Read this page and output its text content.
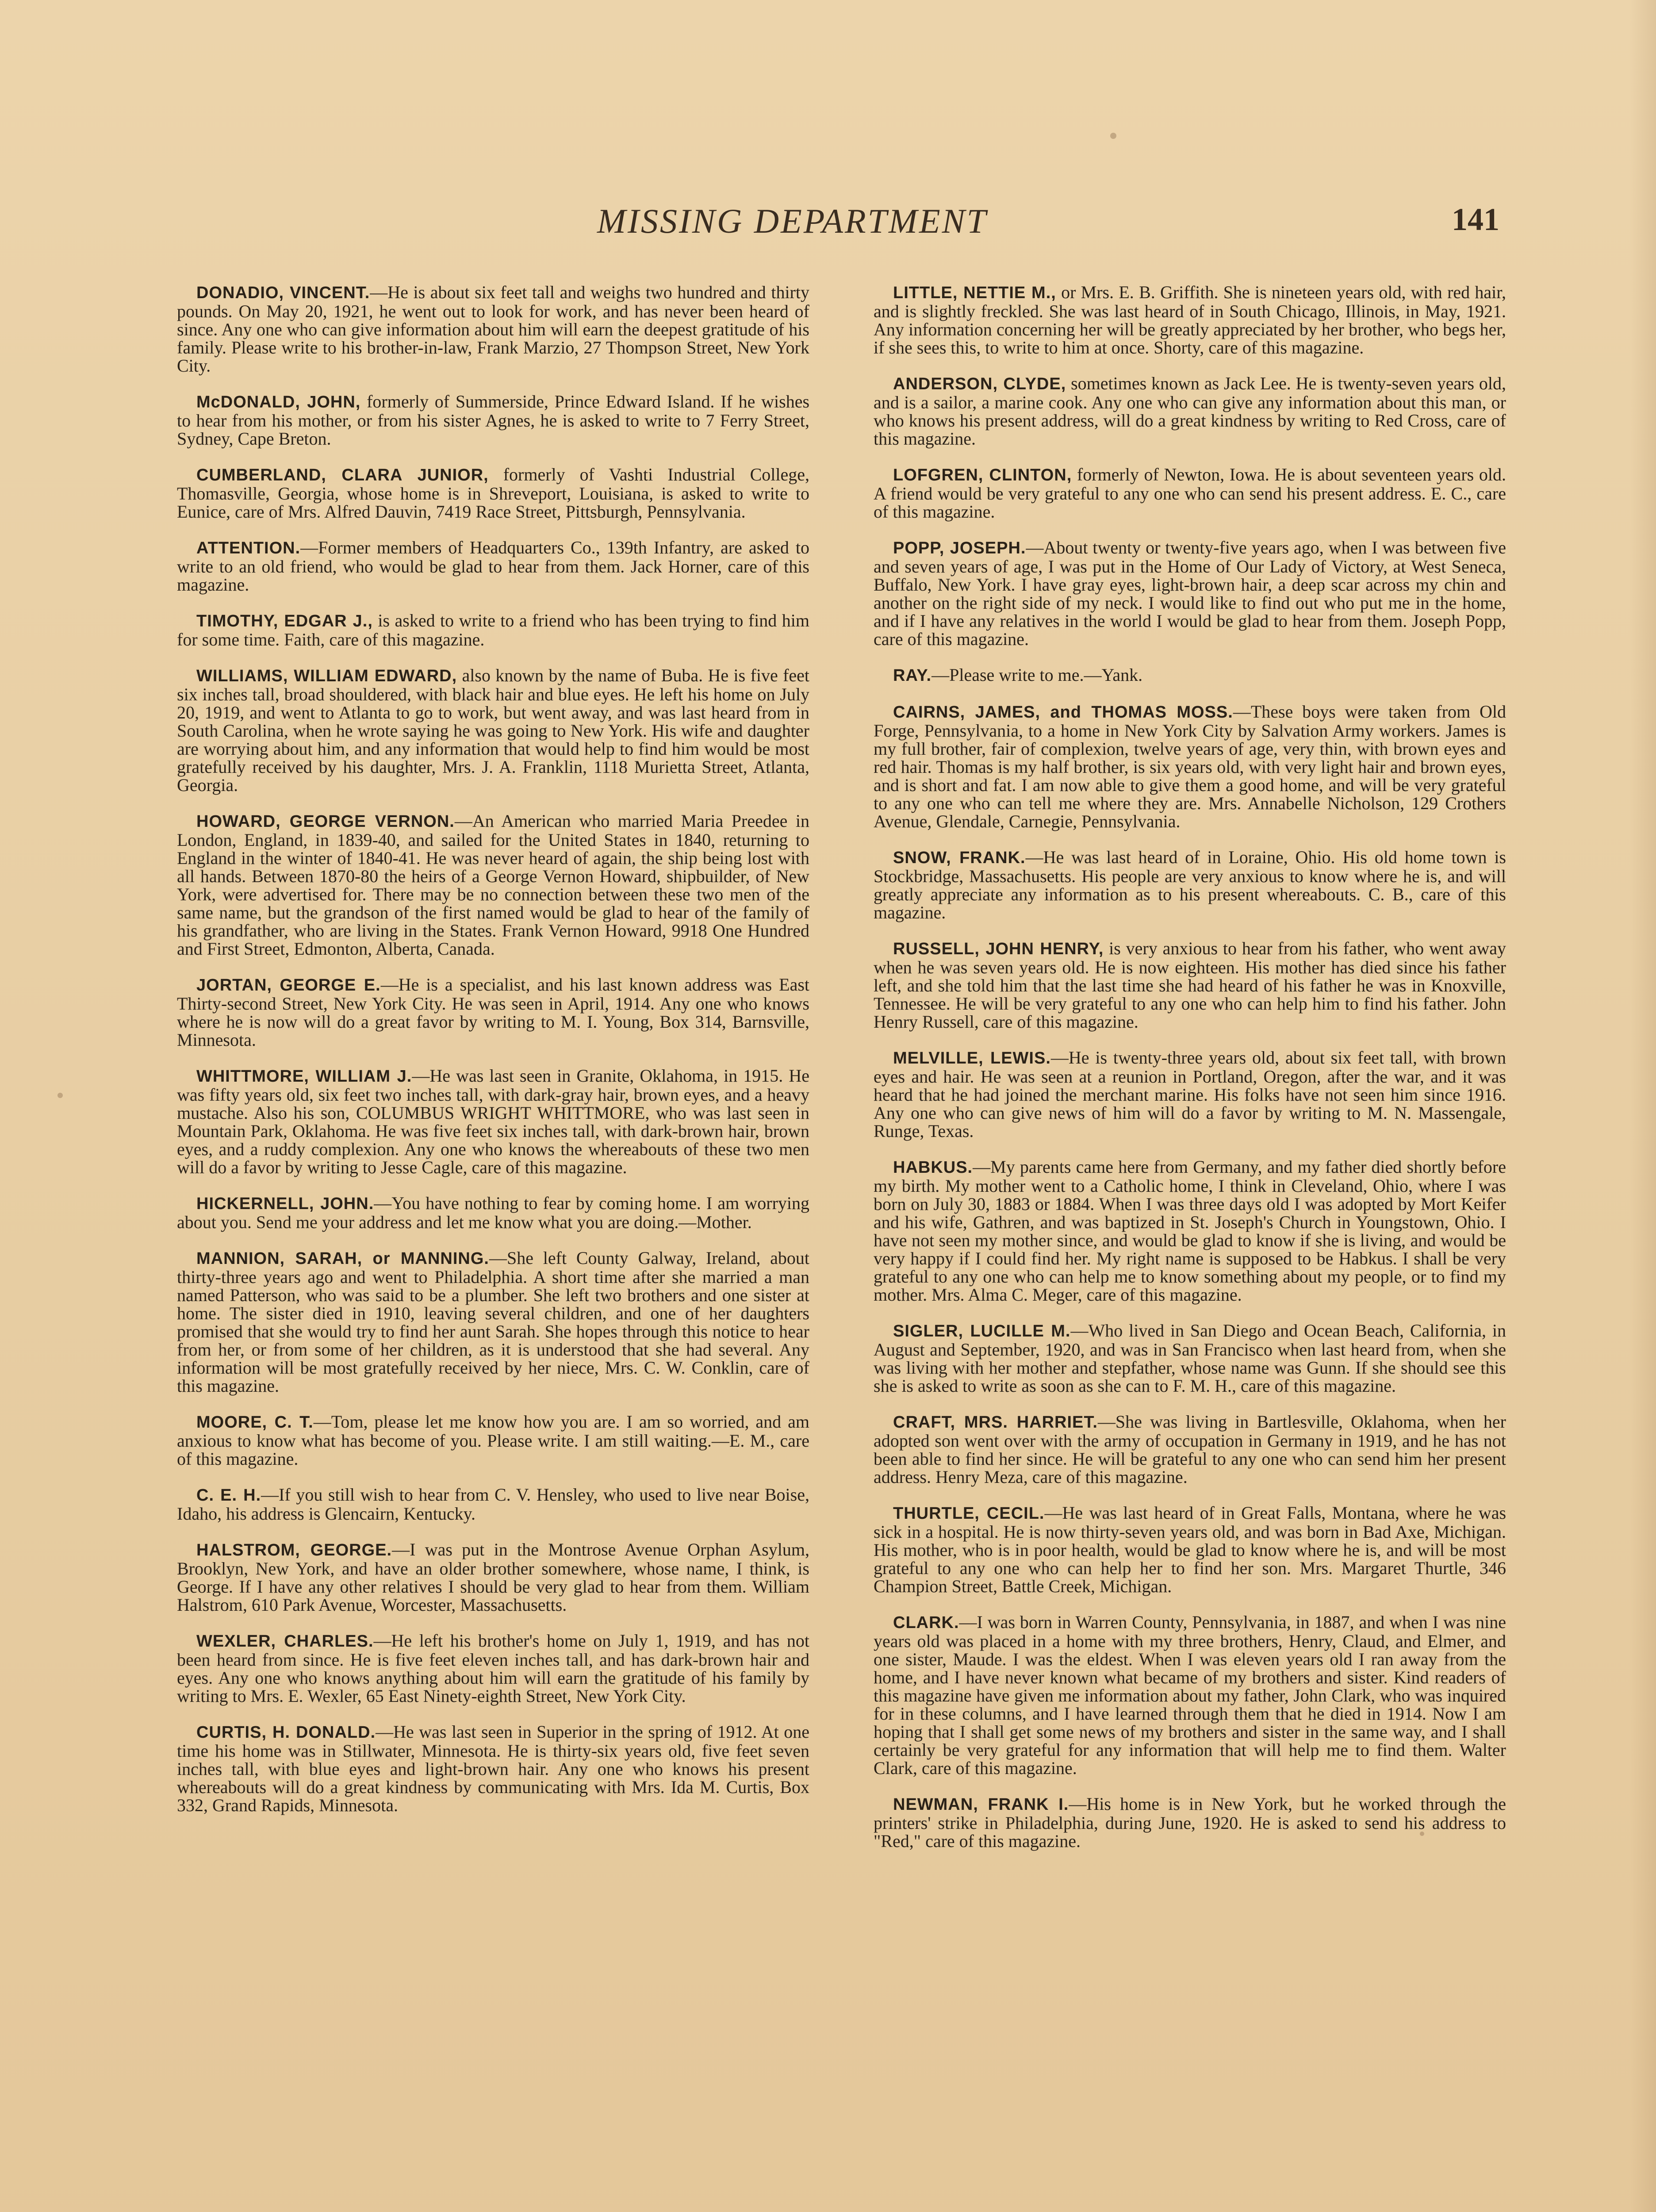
MISSING DEPARTMENT	141

DONADIO, VINCENT.—He is about six feet tall and weighs two hundred and thirty pounds. On May 20, 1921, he went out to look for work, and has never been heard of since. Any one who can give information about him will earn the deepest gratitude of his family. Please write to his brother-in-law, Frank Marzio, 27 Thompson Street, New York City.

McDONALD, JOHN, formerly of Summerside, Prince Edward Island. If he wishes to hear from his mother, or from his sister Agnes, he is asked to write to 7 Ferry Street, Sydney, Cape Breton.

CUMBERLAND, CLARA JUNIOR, formerly of Vashti Industrial College, Thomasville, Georgia, whose home is in Shreveport, Louisiana, is asked to write to Eunice, care of Mrs. Alfred Dauvin, 7419 Race Street, Pittsburgh, Pennsylvania.

ATTENTION.—Former members of Headquarters Co., 139th Infantry, are asked to write to an old friend, who would be glad to hear from them. Jack Horner, care of this magazine.

TIMOTHY, EDGAR J., is asked to write to a friend who has been trying to find him for some time. Faith, care of this magazine.

WILLIAMS, WILLIAM EDWARD, also known by the name of Buba. He is five feet six inches tall, broad shouldered, with black hair and blue eyes. He left his home on July 20, 1919, and went to Atlanta to go to work, but went away, and was last heard from in South Carolina, when he wrote saying he was going to New York. His wife and daughter are worrying about him, and any information that would help to find him would be most gratefully received by his daughter, Mrs. J. A. Franklin, 1118 Murietta Street, Atlanta, Georgia.

HOWARD, GEORGE VERNON.—An American who married Maria Preedee in London, England, in 1839-40, and sailed for the United States in 1840, returning to England in the winter of 1840-41. He was never heard of again, the ship being lost with all hands. Between 1870-80 the heirs of a George Vernon Howard, shipbuilder, of New York, were advertised for. There may be no connection between these two men of the same name, but the grandson of the first named would be glad to hear of the family of his grandfather, who are living in the States. Frank Vernon Howard, 9918 One Hundred and First Street, Edmonton, Alberta, Canada.

JORTAN, GEORGE E.—He is a specialist, and his last known address was East Thirty-second Street, New York City. He was seen in April, 1914. Any one who knows where he is now will do a great favor by writing to M. I. Young, Box 314, Barnsville, Minnesota.

WHITTMORE, WILLIAM J.—He was last seen in Granite, Oklahoma, in 1915. He was fifty years old, six feet two inches tall, with dark-gray hair, brown eyes, and a heavy mustache. Also his son, COLUMBUS WRIGHT WHITTMORE, who was last seen in Mountain Park, Oklahoma. He was five feet six inches tall, with dark-brown hair, brown eyes, and a ruddy complexion. Any one who knows the whereabouts of these two men will do a favor by writing to Jesse Cagle, care of this magazine.

HICKERNELL, JOHN.—You have nothing to fear by coming home. I am worrying about you. Send me your address and let me know what you are doing.—Mother.

MANNION, SARAH, or MANNING.—She left County Galway, Ireland, about thirty-three years ago and went to Philadelphia. A short time after she married a man named Patterson, who was said to be a plumber. She left two brothers and one sister at home. The sister died in 1910, leaving several children, and one of her daughters promised that she would try to find her aunt Sarah. She hopes through this notice to hear from her, or from some of her children, as it is understood that she had several. Any information will be most gratefully received by her niece, Mrs. C. W. Conklin, care of this magazine.

MOORE, C. T.—Tom, please let me know how you are. I am so worried, and am anxious to know what has become of you. Please write. I am still waiting.—E. M., care of this magazine.

C. E. H.—If you still wish to hear from C. V. Hensley, who used to live near Boise, Idaho, his address is Glencairn, Kentucky.

HALSTROM, GEORGE.—I was put in the Montrose Avenue Orphan Asylum, Brooklyn, New York, and have an older brother somewhere, whose name, I think, is George. If I have any other relatives I should be very glad to hear from them. William Halstrom, 610 Park Avenue, Worcester, Massachusetts.

WEXLER, CHARLES.—He left his brother's home on July 1, 1919, and has not been heard from since. He is five feet eleven inches tall, and has dark-brown hair and eyes. Any one who knows anything about him will earn the gratitude of his family by writing to Mrs. E. Wexler, 65 East Ninety-eighth Street, New York City.

CURTIS, H. DONALD.—He was last seen in Superior in the spring of 1912. At one time his home was in Stillwater, Minnesota. He is thirty-six years old, five feet seven inches tall, with blue eyes and light-brown hair. Any one who knows his present whereabouts will do a great kindness by communicating with Mrs. Ida M. Curtis, Box 332, Grand Rapids, Minnesota.

LITTLE, NETTIE M., or Mrs. E. B. Griffith. She is nineteen years old, with red hair, and is slightly freckled. She was last heard of in South Chicago, Illinois, in May, 1921. Any information concerning her will be greatly appreciated by her brother, who begs her, if she sees this, to write to him at once. Shorty, care of this magazine.

ANDERSON, CLYDE, sometimes known as Jack Lee. He is twenty-seven years old, and is a sailor, a marine cook. Any one who can give any information about this man, or who knows his present address, will do a great kindness by writing to Red Cross, care of this magazine.

LOFGREN, CLINTON, formerly of Newton, Iowa. He is about seventeen years old. A friend would be very grateful to any one who can send his present address. E. C., care of this magazine.

POPP, JOSEPH.—About twenty or twenty-five years ago, when I was between five and seven years of age, I was put in the Home of Our Lady of Victory, at West Seneca, Buffalo, New York. I have gray eyes, light-brown hair, a deep scar across my chin and another on the right side of my neck. I would like to find out who put me in the home, and if I have any relatives in the world I would be glad to hear from them. Joseph Popp, care of this magazine.

RAY.—Please write to me.—Yank.

CAIRNS, JAMES, and THOMAS MOSS.—These boys were taken from Old Forge, Pennsylvania, to a home in New York City by Salvation Army workers. James is my full brother, fair of complexion, twelve years of age, very thin, with brown eyes and red hair. Thomas is my half brother, is six years old, with very light hair and brown eyes, and is short and fat. I am now able to give them a good home, and will be very grateful to any one who can tell me where they are. Mrs. Annabelle Nicholson, 129 Crothers Avenue, Glendale, Carnegie, Pennsylvania.

SNOW, FRANK.—He was last heard of in Loraine, Ohio. His old home town is Stockbridge, Massachusetts. His people are very anxious to know where he is, and will greatly appreciate any information as to his present whereabouts. C. B., care of this magazine.

RUSSELL, JOHN HENRY, is very anxious to hear from his father, who went away when he was seven years old. He is now eighteen. His mother has died since his father left, and she told him that the last time she had heard of his father he was in Knoxville, Tennessee. He will be very grateful to any one who can help him to find his father. John Henry Russell, care of this magazine.

MELVILLE, LEWIS.—He is twenty-three years old, about six feet tall, with brown eyes and hair. He was seen at a reunion in Portland, Oregon, after the war, and it was heard that he had joined the merchant marine. His folks have not seen him since 1916. Any one who can give news of him will do a favor by writing to M. N. Massengale, Runge, Texas.

HABKUS.—My parents came here from Germany, and my father died shortly before my birth. My mother went to a Catholic home, I think in Cleveland, Ohio, where I was born on July 30, 1883 or 1884. When I was three days old I was adopted by Mort Keifer and his wife, Gathren, and was baptized in St. Joseph's Church in Youngstown, Ohio. I have not seen my mother since, and would be glad to know if she is living, and would be very happy if I could find her. My right name is supposed to be Habkus. I shall be very grateful to any one who can help me to know something about my people, or to find my mother. Mrs. Alma C. Meger, care of this magazine.

SIGLER, LUCILLE M.—Who lived in San Diego and Ocean Beach, California, in August and September, 1920, and was in San Francisco when last heard from, when she was living with her mother and stepfather, whose name was Gunn. If she should see this she is asked to write as soon as she can to F. M. H., care of this magazine.

CRAFT, MRS. HARRIET.—She was living in Bartlesville, Oklahoma, when her adopted son went over with the army of occupation in Germany in 1919, and he has not been able to find her since. He will be grateful to any one who can send him her present address. Henry Meza, care of this magazine.

THURTLE, CECIL.—He was last heard of in Great Falls, Montana, where he was sick in a hospital. He is now thirty-seven years old, and was born in Bad Axe, Michigan. His mother, who is in poor health, would be glad to know where he is, and will be most grateful to any one who can help her to find her son. Mrs. Margaret Thurtle, 346 Champion Street, Battle Creek, Michigan.

CLARK.—I was born in Warren County, Pennsylvania, in 1887, and when I was nine years old was placed in a home with my three brothers, Henry, Claud, and Elmer, and one sister, Maude. I was the eldest. When I was eleven years old I ran away from the home, and I have never known what became of my brothers and sister. Kind readers of this magazine have given me information about my father, John Clark, who was inquired for in these columns, and I have learned through them that he died in 1914. Now I am hoping that I shall get some news of my brothers and sister in the same way, and I shall certainly be very grateful for any information that will help me to find them. Walter Clark, care of this magazine.

NEWMAN, FRANK I.—His home is in New York, but he worked through the printers' strike in Philadelphia, during June, 1920. He is asked to send his address to "Red," care of this magazine.
